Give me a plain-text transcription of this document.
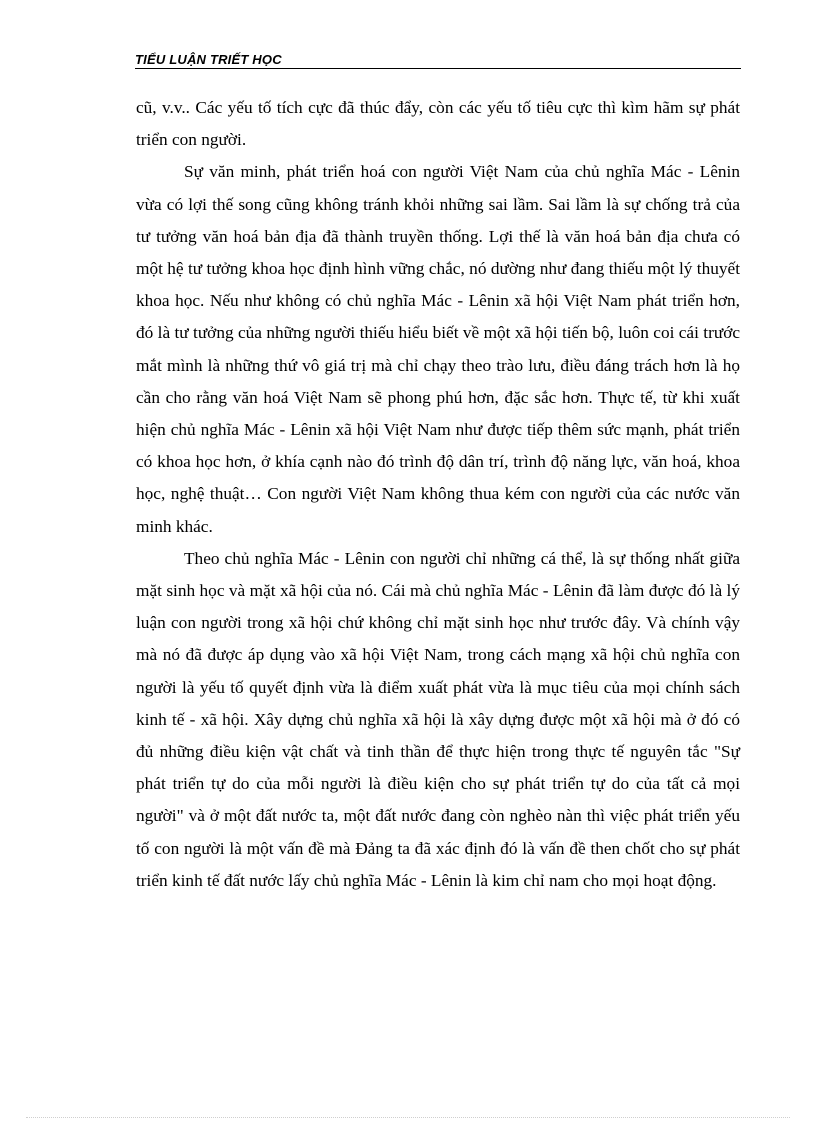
TIỂU LUẬN TRIẾT HỌC

cũ, v.v.. Các yếu tố tích cực đã thúc đẩy, còn các yếu tố tiêu cực thì kìm hãm sự phát triển con người.

Sự văn minh, phát triển hoá con người Việt Nam của chủ nghĩa Mác - Lênin vừa có lợi thế song cũng không tránh khỏi những sai lầm. Sai lầm là sự chống trả của tư tưởng văn hoá bản địa đã thành truyền thống. Lợi thế là văn hoá bản địa chưa có một hệ tư tưởng khoa học định hình vững chắc, nó dường như đang thiếu một lý thuyết khoa học. Nếu như không có chủ nghĩa Mác - Lênin xã hội Việt Nam phát triển hơn, đó là tư tưởng của những người thiếu hiểu biết về một xã hội tiến bộ, luôn coi cái trước mắt mình là những thứ vô giá trị mà chỉ chạy theo trào lưu, điều đáng trách hơn là họ cần cho rằng văn hoá Việt Nam sẽ phong phú hơn, đặc sắc hơn. Thực tế, từ khi xuất hiện chủ nghĩa Mác - Lênin xã hội Việt Nam như được tiếp thêm sức mạnh, phát triển có khoa học hơn, ở khía cạnh nào đó trình độ dân trí, trình độ năng lực, văn hoá, khoa học, nghệ thuật… Con người Việt Nam không thua kém con người của các nước văn minh khác.

Theo chủ nghĩa Mác - Lênin con người chỉ những cá thể, là sự thống nhất giữa mặt sinh học và mặt xã hội của nó. Cái mà chủ nghĩa Mác - Lênin đã làm được đó là lý luận con người trong xã hội chứ không chỉ mặt sinh học như trước đây. Và chính vậy mà nó đã được áp dụng vào xã hội Việt Nam, trong cách mạng xã hội chủ nghĩa con người là yếu tố quyết định vừa là điểm xuất phát vừa là mục tiêu của mọi chính sách kinh tế - xã hội. Xây dựng chủ nghĩa xã hội là xây dựng được một xã hội mà ở đó có đủ những điều kiện vật chất và tinh thần để thực hiện trong thực tế nguyên tắc "Sự phát triển tự do của mỗi người là điều kiện cho sự phát triển tự do của tất cả mọi người" và ở một đất nước ta, một đất nước đang còn nghèo nàn thì việc phát triển yếu tố con người là một vấn đề mà Đảng ta đã xác định đó là vấn đề then chốt cho sự phát triển kinh tế đất nước lấy chủ nghĩa Mác - Lênin là kim chỉ nam cho mọi hoạt động.
